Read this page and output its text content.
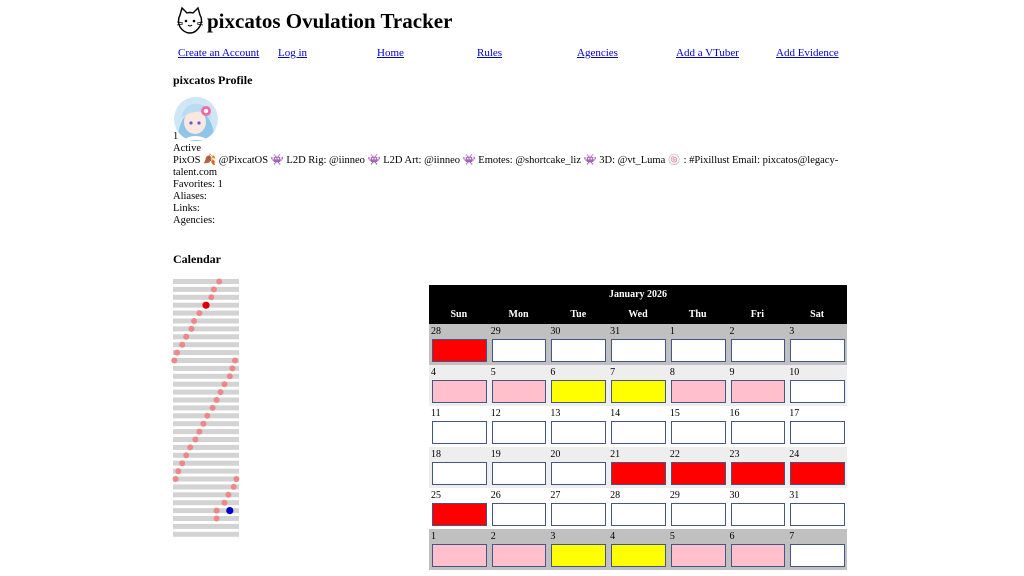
pixcatos Ovulation Tracker
Create an Account Log in	Home	Rules	Agencies	Add a VTuber	Add Evidence
pixcatos Profile
1
Active
PixOS 🍂 @PixcatOS 👾 L2D Rig: @iinneo 👾 L2D Art: @iinneo 👾 Emotes: @shortcake_liz 👾 3D: @vt_Luma 🍥 : #Pixillust Email: pixcatos@legacy-talent.com
Favorites: 1
Aliases:
Links:
Agencies:
Calendar
January 2026						
Sun	Mon	Tue	Wed	Thu	Fri	Sat

28	29	30	31	1	2	3

4	5	6	7	8	9	10

11	12	13	14	15	16	17

18	19	20	21	22	23	24

25	26	27	28	29	30	31

1	2	3	4	5	6	7
